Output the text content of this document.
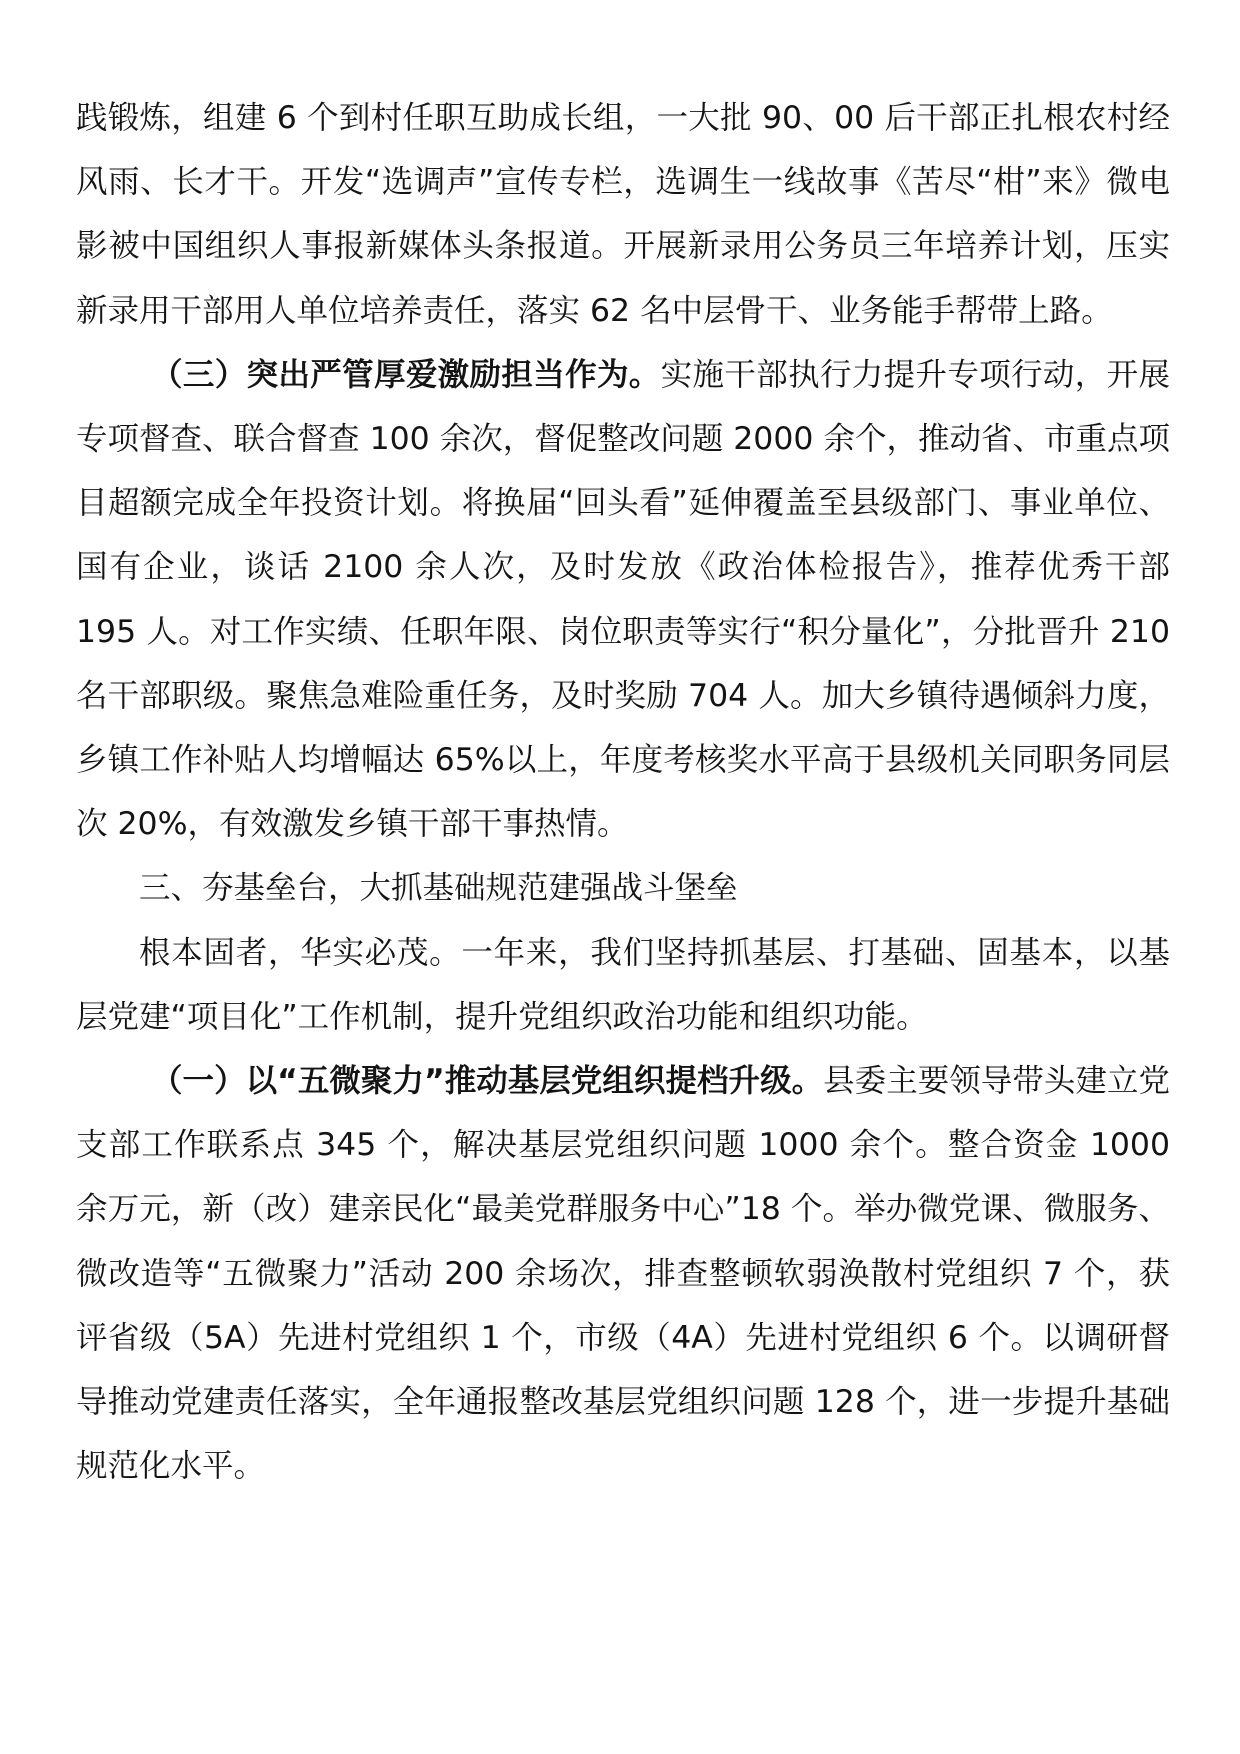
践锻炼，组建 6 个到村任职互助成长组，一大批 90、00 后干部正扎根农村经风雨、长才干。开发“选调声”宣传专栏，选调生一线故事《苦尽“柑”来》微电影被中国组织人事报新媒体头条报道。开展新录用公务员三年培养计划，压实新录用干部用人单位培养责任，落实 62 名中层骨干、业务能手帮带上路。

（三）突出严管厚爱激励担当作为。实施干部执行力提升专项行动，开展专项督查、联合督查 100 余次，督促整改问题 2000 余个，推动省、市重点项目超额完成全年投资计划。将换届“回头看”延伸覆盖至县级部门、事业单位、国有企业，谈话 2100 余人次，及时发放《政治体检报告》，推荐优秀干部 195 人。对工作实绩、任职年限、岗位职责等实行“积分量化”，分批晋升 210 名干部职级。聚焦急难险重任务，及时奖励 704 人。加大乡镇待遇倾斜力度，乡镇工作补贴人均增幅达 65%以上，年度考核奖水平高于县级机关同职务同层次 20%，有效激发乡镇干部干事热情。

三、夯基垒台，大抓基础规范建强战斗堡垒

根本固者，华实必茂。一年来，我们坚持抓基层、打基础、固基本，以基层党建“项目化”工作机制，提升党组织政治功能和组织功能。

（一）以“五微聚力”推动基层党组织提档升级。县委主要领导带头建立党支部工作联系点 345 个，解决基层党组织问题 1000 余个。整合资金 1000 余万元，新（改）建亲民化“最美党群服务中心”18 个。举办微党课、微服务、微改造等“五微聚力”活动 200 余场次，排查整顿软弱涣散村党组织 7 个，获评省级（5A）先进村党组织 1 个，市级（4A）先进村党组织 6 个。以调研督导推动党建责任落实，全年通报整改基层党组织问题 128 个，进一步提升基础规范化水平。
